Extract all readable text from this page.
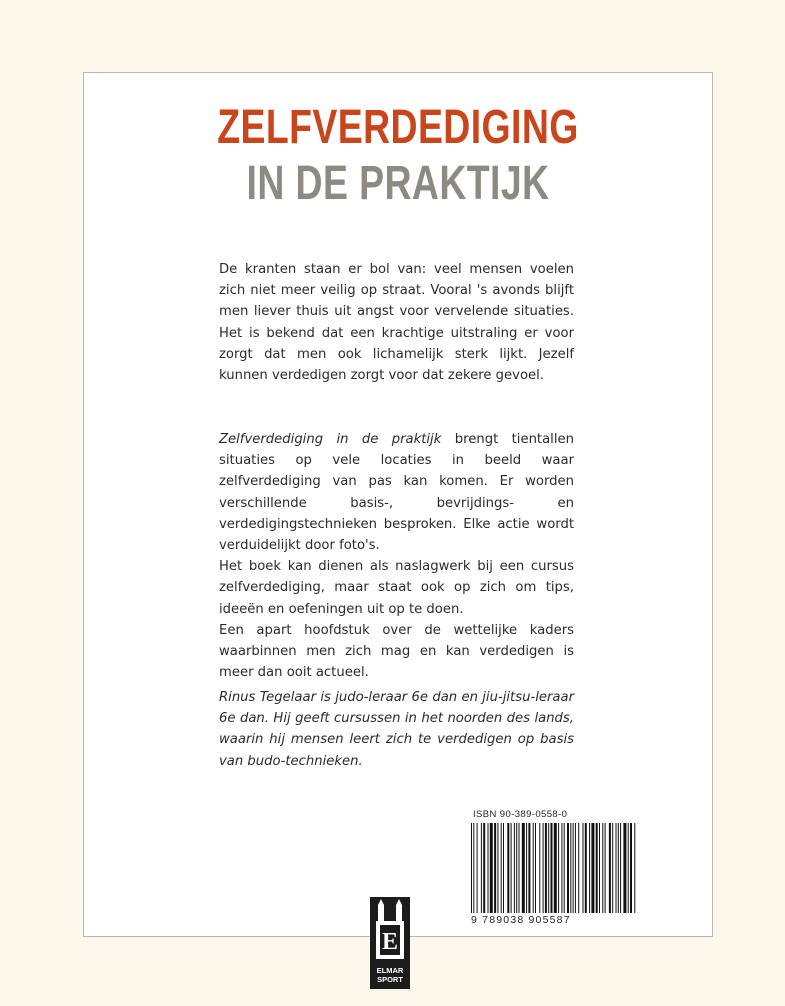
ZELFVERDEDIGING
IN DE PRAKTIJK

De kranten staan er bol van: veel mensen voelen zich niet meer veilig op straat. Vooral 's avonds blijft men liever thuis uit angst voor vervelende situaties. Het is bekend dat een krachtige uitstraling er voor zorgt dat men ook lichamelijk sterk lijkt. Jezelf kunnen verdedigen zorgt voor dat zekere gevoel.

Zelfverdediging in de praktijk brengt tientallen situaties op vele locaties in beeld waar zelfverdediging van pas kan komen. Er worden verschillende basis-, bevrijdings- en verdedigingstechnieken besproken. Elke actie wordt verduidelijkt door foto's.

Het boek kan dienen als naslagwerk bij een cursus zelfverdediging, maar staat ook op zich om tips, ideeën en oefeningen uit op te doen.

Een apart hoofdstuk over de wettelijke kaders waarbinnen men zich mag en kan verdedigen is meer dan ooit actueel.

Rinus Tegelaar is judo-leraar 6e dan en jiu-jitsu-leraar 6e dan. Hij geeft cursussen in het noorden des lands, waarin hij mensen leert zich te verdedigen op basis van budo-technieken.

ISBN 90-389-0558-0
9 789038 905587
E
ELMAR
SPORT
